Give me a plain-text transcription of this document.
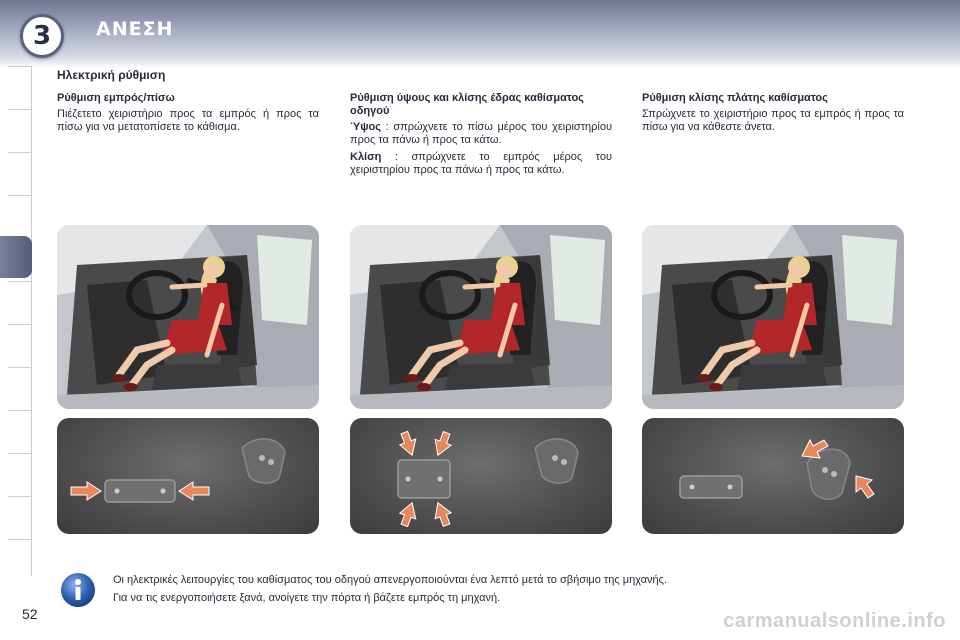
3	ΑΝΕΣΗ
Ηλεκτρική ρύθμιση
Ρύθμιση εμπρός/πίσω

Πιέζετετο χειριστήριο προς τα εμπρός ή προς τα πίσω για να μετατοπίσετε το κάθισμα.

Ρύθμιση ύψους και κλίσης έδρας καθίσματος οδηγού

Ύψος : σπρώχνετε το πίσω μέρος του χειριστηρίου προς τα πάνω ή προς τα κάτω.

Κλίση : σπρώχνετε το εμπρός μέρος του χειριστηρίου προς τα πάνω ή προς τα κάτω.

Ρύθμιση κλίσης πλάτης καθίσματος

Σπρώχνετε το χειριστήριο προς τα εμπρός ή προς τα πίσω για να κάθεστε άνετα.

Οι ηλεκτρικές λειτουργίες του καθίσματος του οδηγού απενεργοποιούνται ένα λεπτό μετά το σβήσιμο της μηχανής.
Για να τις ενεργοποιήσετε ξανά, ανοίγετε την πόρτα ή βάζετε εμπρός τη μηχανή.
52	carmanualsonline.info
